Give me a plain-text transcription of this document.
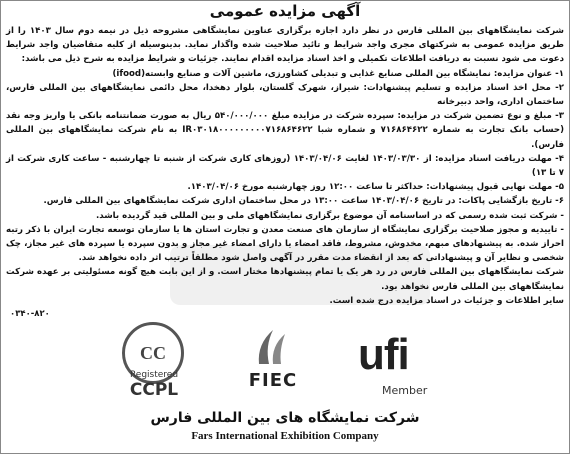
آگهی مزایده عمومی

شرکت نمایشگاههای بین المللی فارس در نظر دارد اجازه برگزاری عناوین نمایشگاهی مشروحه ذیل در نیمه دوم سال ۱۴۰۳ را از طریق مزایده عمومی به شرکتهای مجری واجد شرایط و تائید صلاحیت شده واگذار نماید. بدینوسیله از کلیه متقاضیان واجد شرایط دعوت می شود نسبت به دریافت اطلاعات تکمیلی و اخذ اسناد مزایده اقدام نمایند. جزئیات و شرایط مزایده به شرح ذیل می باشد:

۱- عنوان مزایده: نمایشگاه بین المللی صنایع غذایی و تبدیلی کشاورزی، ماشین آلات و صنایع وابسته(ifood)

۲- محل اخذ اسناد مزایده و تسلیم پیشنهادات: شیراز، شهرک گلستان، بلوار دهخدا، محل دائمی نمایشگاههای بین المللی فارس، ساختمان اداری، واحد دبیرخانه

۳- مبلغ و نوع تضمین شرکت در مزایده: سپرده شرکت در مزایده مبلغ ۵۴۰/۰۰۰/۰۰۰ ریال به صورت ضمانتنامه بانکی یا واریز وجه نقد (حساب بانک تجارت به شماره ۷۱۶۸۶۴۶۲۲ و شماره شبا IR۰۳۰۱۸۰۰۰۰۰۰۰۰۰۷۱۶۸۶۴۶۲۲ به نام شرکت نمایشگاههای بین المللی فارس).

۴- مهلت دریافت اسناد مزایده: از ۱۴۰۳/۰۳/۳۰ لغایت ۱۴۰۳/۰۴/۰۶ (روزهای کاری شرکت از شنبه تا چهارشنبه - ساعت کاری شرکت از ۷ تا ۱۳)

۵- مهلت نهایی قبول پیشنهادات: حداکثر تا ساعت ۱۲:۰۰ روز چهارشنبه مورخ ۱۴۰۳/۰۴/۰۶.

۶- تاریخ بازگشایی پاکات: در تاریخ ۱۴۰۳/۰۴/۰۶ ساعت ۱۳:۰۰ در محل ساختمان اداری شرکت نمایشگاههای بین المللی فارس.

- شرکت ثبت شده رسمی که در اساسنامه آن موضوع برگزاری نمایشگاههای ملی و بین المللی قید گردیده باشد.

- تاییدیه و مجوز صلاحیت برگزاری نمایشگاه از سازمان های صنعت معدن و تجارت استان ها یا سازمان توسعه تجارت ایران با ذکر رتبه احراز شده. به پیشنهادهای مبهم، مخدوش، مشروط، فاقد امضاء یا دارای امضاء غیر مجاز و بدون سپرده یا سپرده های غیر مجاز، چک شخصی و نظایر آن و پیشنهاداتی که بعد از انقضاء مدت مقرر در آگهی واصل شود مطلقاً ترتیب اثر داده نخواهد شد.

شرکت نمایشگاههای بین المللی فارس در رد هر یک یا تمام پیشنهادها مختار است. و از این بابت هیچ گونه مسئولیتی بر عهده شرکت نمایشگاههای بین المللی فارس نخواهد بود.

سایر اطلاعات و جزئیات در اسناد مزایده درج شده است.

۰۳۴۰-۸۲۰
CC
Registered
CCPL	FIEC
ufi
Member
شرکت نمایشگاه های بین المللی فارس
Fars International Exhibition Company
